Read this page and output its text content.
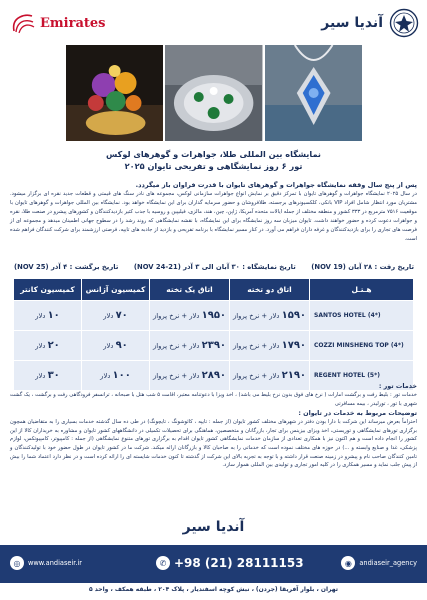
Emirates	آندیا سیر
نمایشگاه بین المللی طلا، جواهرات و گوهرهای لوکس
تور ۶ روز نمایشگاهی و تفریحی تایوان ۲۰۲۵
پس از پنج سال وقفه نمایشگاه جواهرات و گوهرهای تایوان با قدرت فراوان باز میگردد.
در سال ۲۰۲۵ نمایشگاه جواهرات و گوهرهای تایوان با تمرکز دقیق بر نمایش انواع جواهرات سازمانی لوکس، مجموعه های نادر سنگ های قیمتی و قطعات جدید نقره ای برگزار میشود. مشتریان مورد انتظار شامل افراد VIP بانکی، کلکسیونرهای برجسته، طلافروشان و حضور سرمایه گذاران برای این نمایشگاه خواهد بود. نمایشگاه بین المللی جواهرات و گوهرهای تایوان با موقعیت ۷۵۱۶ مترمربع در ۳۳۳ کشور و منطقه مختلف از جمله ایالات متحده آمریکا، ژاپن، چین، هند، مالزی، فیلیپین و روسیه با جذب کثیر بازدیدکنندگان و کشورهای پیشرو در صنعت طلا، نقره و جواهرات دعوت کرده و حضور خواهند داشت. تایوان میزبان سه روز نمایشگاه برای این نمایشگاه، با نقشه نمایشگاهی که روند رشد را در سطوح جهانی اطمینان میدهد و مجموعه ای از فرصت های تجاری را برای بازدیدکنندگان و غرفه داران فراهم می آورد. در کنار مسیر نمایشگاه با برنامه تفریحی و بازدید از جاذبه های تایپه، فرصتی ارزشمند برای شرکت کنندگان فراهم شده است.
تاریخ رفت : ۲۸ آبان (19 NOV)
تاریخ نمایشگاه : ۳۰ آبان الی ۳ آذر (21-24 NOV)
تاریخ برگشت : ۴ آذر (25 NOV)
هـتـل	اتاق دو تخته	اتاق یک تخته	کمیسیون آژانس	کمیسیون کانتر
SANTOS HOTEL (4*)	۱۵۹۰ دلار + نرخ پرواز	۱۹۵۰ دلار + نرخ پرواز	۷۰ دلار	۱۰ دلار
COZZI MINSHENG TOP (4*)	۱۷۹۰ دلار + نرخ پرواز	۲۳۹۰ دلار + نرخ پرواز	۹۰ دلار	۲۰ دلار
REGENT HOTEL (5*)	۲۱۹۰ دلار + نرخ پرواز	۲۸۹۰ دلار + نرخ پرواز	۱۰۰ دلار	۳۰ دلار
خدمات تور :
خدمات تور : بلیط رفت و برگشت امارات ( نرخ های فوق بدون نرخ بلیط می باشد) ، اخذ ویزا با دعوتنامه معتبر، اقامت ۵ شب هتل با صبحانه ، ترانسفر فرودگاهی رفت و برگشت ، یک گشت شهری با تور ، تورلیدر ، بیمه مسافرتی
توضیحات مربوط به خدمات در تایوان :
احتراماً بعرض میرساند این شرکت با دارا بودن دفتر در شهرهای مختلف کشور تایوان (از جمله : تایپه ، کائوشونگ ، تایچونگ) در طی ده سال گذشته خدمات بسیاری را به متقاضیان همچون برگزاری تورهای نمایشگاهی و توریستی، اخذ ویزای بیزینس برای تجار، بازرگانان و متخصصین، هماهنگی برای تحصیلات تکمیلی در دانشگاههای کشور تایوان و مشاوره به خریداران کالا از این کشور را انجام داده است و هم اکنون نیز با همکاری تعدادی از سازمان خدمات نمایشگاهی کشور تایوان اقدام به برگزاری تورهای متنوع نمایشگاهی (از جمله : کامپیوتر، کامپیوتکس، لوازم پزشکی، غذا و صنایع وابسته و ...) در حوزه های مختلف نموده است که خدماتی را به صاحبان کالا و بازرگانان ارائه میکند. شرکت ما در کشور تایوان در طول حضور خود با تولیدکنندگان و تامین کنندگان صاحب نام و پیشرو در زمینه صنعت قرار داشته و با توجه به تجربه بالای این شرکت از گذشته تا کنون خدمات شایسته ای را ارائه کرده است و در نظر دارد اعتماد شما را بیش از پیش جلب نماید و مسیر همکاری را در کلیه امور تجاری و تولیدی بین المللی هموار سازد.
آندیا سیر
◎	www.andiaseir.ir	✆ +98 (21) 28111153	◉	andiaseir_agency
تهران ، بلوار آفریقا (جردن) ، نبش کوچه اسفندیار ، پلاک ۲۰۴ ، طبقه همکف ، واحد ۵
